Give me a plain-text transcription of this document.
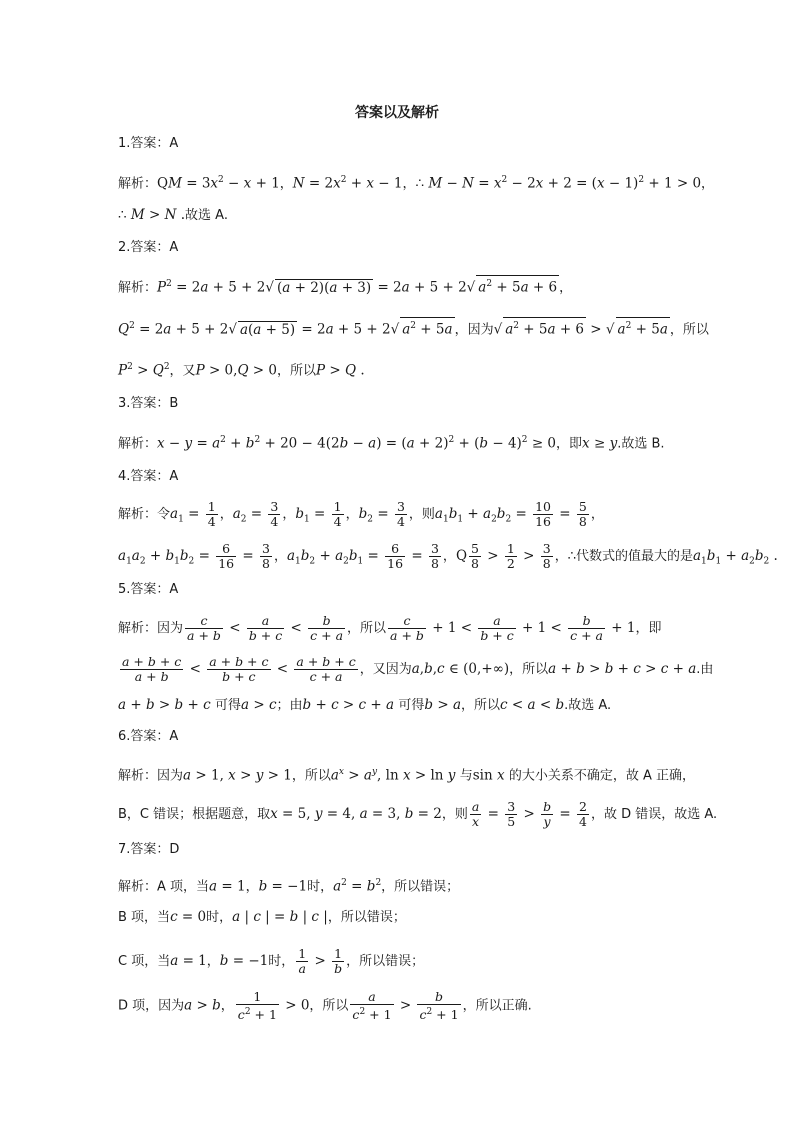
答案以及解析
1.答案：A
解析：QM = $3x^2 - x + 1$，$N = 2x^2 + x - 1$，∴ $M - N = x^2 - 2x + 2 = (x - 1)^2 + 1 > 0$，
∴ M > N .故选 A.
2.答案：A
解析：$P^2 = 2a + 5 + 2√$ (a + 2)(a + 3) = 2a + 5 + 2√ $a^2 + 5a + 6$ ，
$Q^2 = 2a + 5 + 2√$ a(a + 5) = 2a + 5 + 2√ $a^2 + 5a$ ，因为√ $a^2 + 5a + 6$ > √ $a^2 + 5a$ ，所以
$P^2 > Q^2$，又P > 0,Q > 0，所以P > Q .
3.答案：B
解析：$x - y = a^2 + b^2 + 20 - 4(2b - a) = (a + 2)^2 + (b - 4)^2 \ge 0$，即x ≥ y.故选 B.
4.答案：A
解析：令$a_1 = \frac{1}{4}$ ，$a_2 = \frac{3}{4}$ ，$b_1 = \frac{1}{4}$ ，$b_2 = \frac{3}{4}$ ，则$a_1b_1 + a_2b_2 = \frac{10}{16} = \frac{5}{8}$ ，
$a_1a_2 + b_1b_2 = \frac{6}{16} = \frac{3}{8}$ ，$a_1b_2 + a_2b_1 = \frac{6}{16} = \frac{3}{8}$ ，Q $\frac{5}{8} > \frac{1}{2} > \frac{3}{8}$ ，∴代数式的值最大的是$a_1b_1 + a_2b_2$ .
5.答案：A
解析：因为 $\frac{c}{a + b} < \frac{a}{b + c} < \frac{b}{c + a}$ ，所以 $\frac{c}{a + b} + 1 < \frac{a}{b + c} + 1 < \frac{b}{c + a} + 1$，即
$\frac{a + b + c}{a + b} < \frac{a + b + c}{b + c} < \frac{a + b + c}{c + a}$ ，又因为a,b,c ∈ (0,+∞)，所以a + b > b + c > c + a.由
a + b > b + c 可得a > c；由b + c > c + a 可得b > a，所以c < a < b.故选 A.
6.答案：A
解析：因为a > 1, x > y > 1，所以$a^x > a^y$, ln x > ln y 与sin x 的大小关系不确定，故 A 正确，
B，C 错误；根据题意，取x = 5, y = 4, a = 3, b = 2，则 $\frac{a}{x} = \frac{3}{5} > \frac{b}{y} = \frac{2}{4}$ ，故 D 错误，故选 A.
7.答案：D
解析：A 项，当a = 1，b = −1时，$a^2 = b^2$，所以错误；
B 项，当c = 0时，a | c | = b | c |，所以错误；
C 项，当a = 1，b = −1时， $\frac{1}{a} > \frac{1}{b}$ ，所以错误；
D 项，因为a > b， $\frac{1}{c^2 + 1} > 0$，所以 $\frac{a}{c^2 + 1} > \frac{b}{c^2 + 1}$ ，所以正确.
